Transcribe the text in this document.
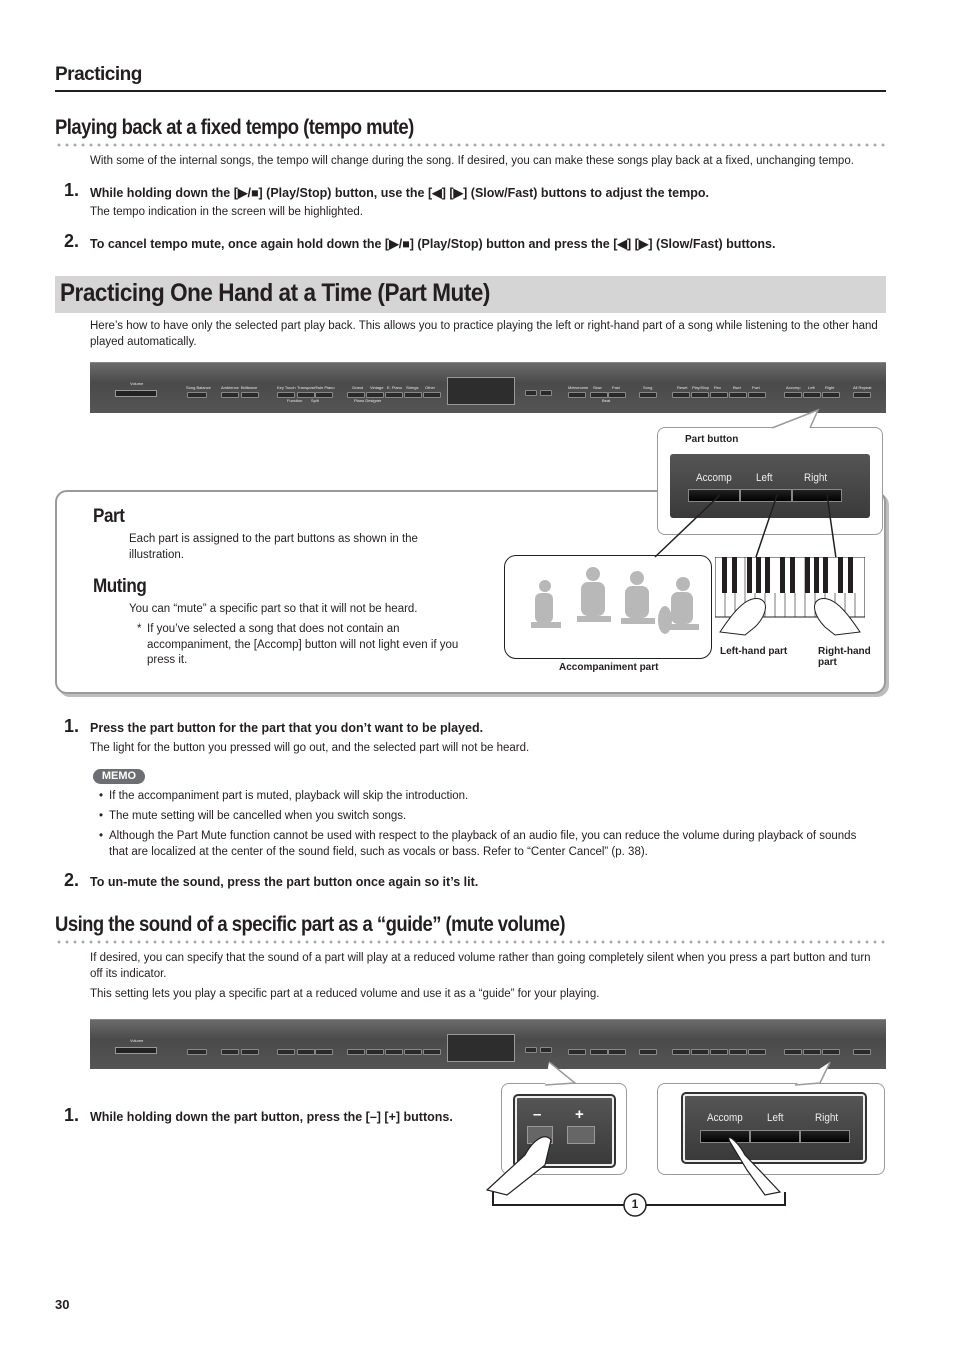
Practicing
Playing back at a fixed tempo (tempo mute)
With some of the internal songs, the tempo will change during the song. If desired, you can make these songs play back at a fixed, unchanging tempo.
1. While holding down the [▶/■] (Play/Stop) button, use the [◀] [▶] (Slow/Fast) buttons to adjust the tempo.
The tempo indication in the screen will be highlighted.
2. To cancel tempo mute, once again hold down the [▶/■] (Play/Stop) button and press the [◀] [▶] (Slow/Fast) buttons.
Practicing One Hand at a Time (Part Mute)
Here’s how to have only the selected part play back. This allows you to practice playing the left or right-hand part of a song while listening to the other hand played automatically.
Volume
Song Balance	Ambience Brilliance	Key Touch Transpose Twin Piano
Function Split
Grand Vintage E. Piano Strings Other
Piano Designer
Metronome Slow	Fast
Beat
Song	Reset Play/Stop Rec	Bwd	Fwd	Accomp Left	Right	All Repeat
Part
Each part is assigned to the part buttons as shown in the illustration.
Muting
You can “mute” a specific part so that it will not be heard.
* If you’ve selected a song that does not contain an accompaniment, the [Accomp] button will not light even if you press it.
Part button
Accomp Left	Right
Accompaniment part
Left-hand part	Right-hand part
1. Press the part button for the part that you don’t want to be played.
The light for the button you pressed will go out, and the selected part will not be heard.
MEMO
• If the accompaniment part is muted, playback will skip the introduction.
• The mute setting will be cancelled when you switch songs.
• Although the Part Mute function cannot be used with respect to the playback of an audio file, you can reduce the volume during playback of sounds that are localized at the center of the sound field, such as vocals or bass. Refer to “Center Cancel” (p. 38).
2. To un-mute the sound, press the part button once again so it’s lit.
Using the sound of a specific part as a “guide” (mute volume)
If desired, you can specify that the sound of a part will play at a reduced volume rather than going completely silent when you press a part button and turn off its indicator.
This setting lets you play a specific part at a reduced volume and use it as a “guide” for your playing.
Volume
1. While holding down the part button, press the [–] [+] buttons.	– +	Accomp Left	Right
1
30
